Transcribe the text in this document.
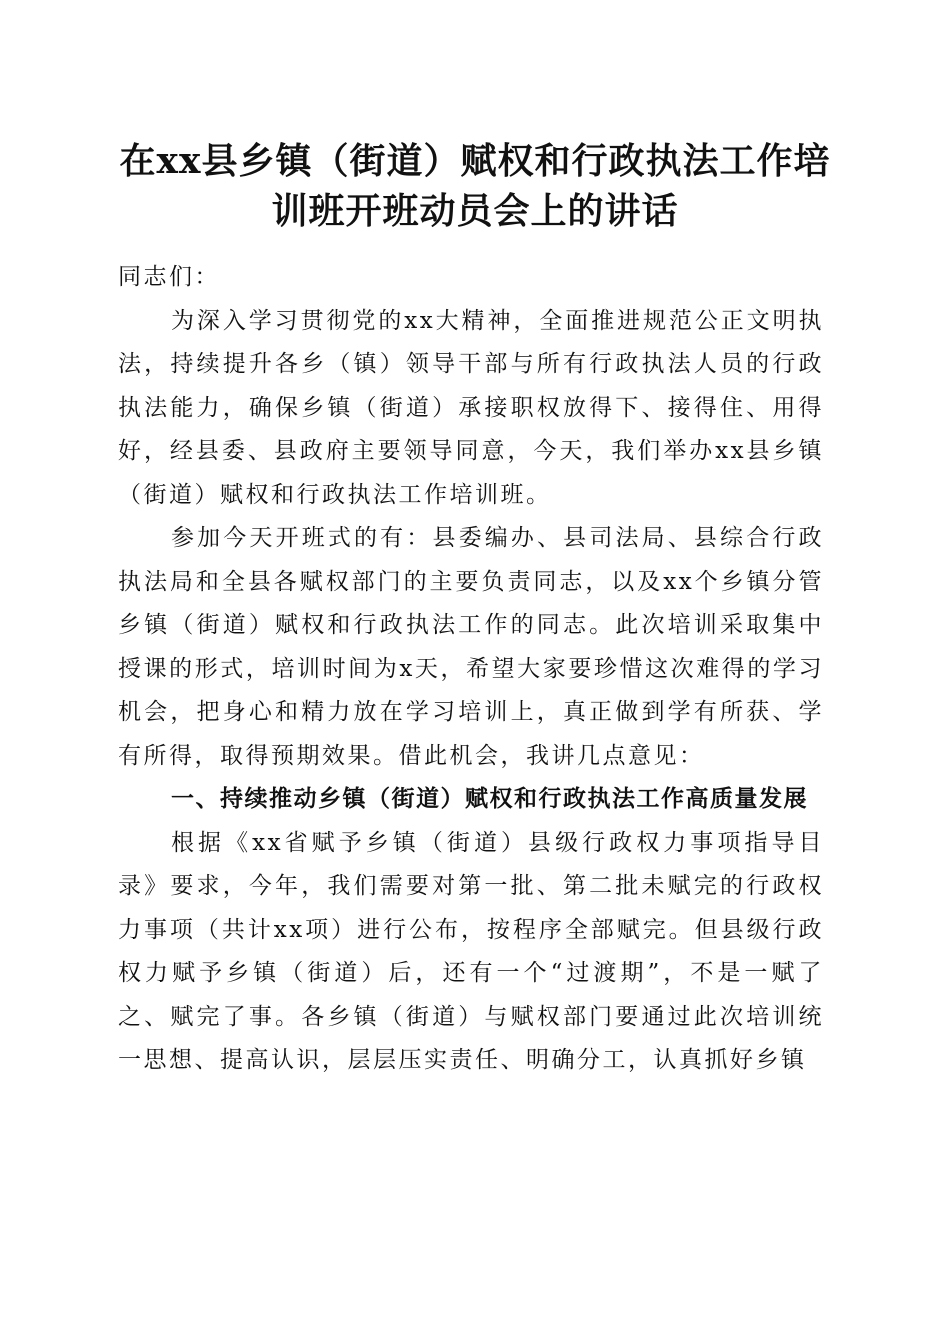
在xx县乡镇（街道）赋权和行政执法工作培
训班开班动员会上的讲话

同志们：

为深入学习贯彻党的xx大精神，全面推进规范公正文明执法，持续提升各乡（镇）领导干部与所有行政执法人员的行政执法能力，确保乡镇（街道）承接职权放得下、接得住、用得好，经县委、县政府主要领导同意，今天，我们举办xx县乡镇（街道）赋权和行政执法工作培训班。

参加今天开班式的有：县委编办、县司法局、县综合行政执法局和全县各赋权部门的主要负责同志，以及xx个乡镇分管乡镇（街道）赋权和行政执法工作的同志。此次培训采取集中授课的形式，培训时间为x天，希望大家要珍惜这次难得的学习机会，把身心和精力放在学习培训上，真正做到学有所获、学有所得，取得预期效果。借此机会，我讲几点意见：

一、持续推动乡镇（街道）赋权和行政执法工作高质量发展

根据《xx省赋予乡镇（街道）县级行政权力事项指导目录》要求，今年，我们需要对第一批、第二批未赋完的行政权力事项（共计xx项）进行公布，按程序全部赋完。但县级行政权力赋予乡镇（街道）后，还有一个“过渡期”，不是一赋了之、赋完了事。各乡镇（街道）与赋权部门要通过此次培训统一思想、提高认识，层层压实责任、明确分工，认真抓好乡镇
